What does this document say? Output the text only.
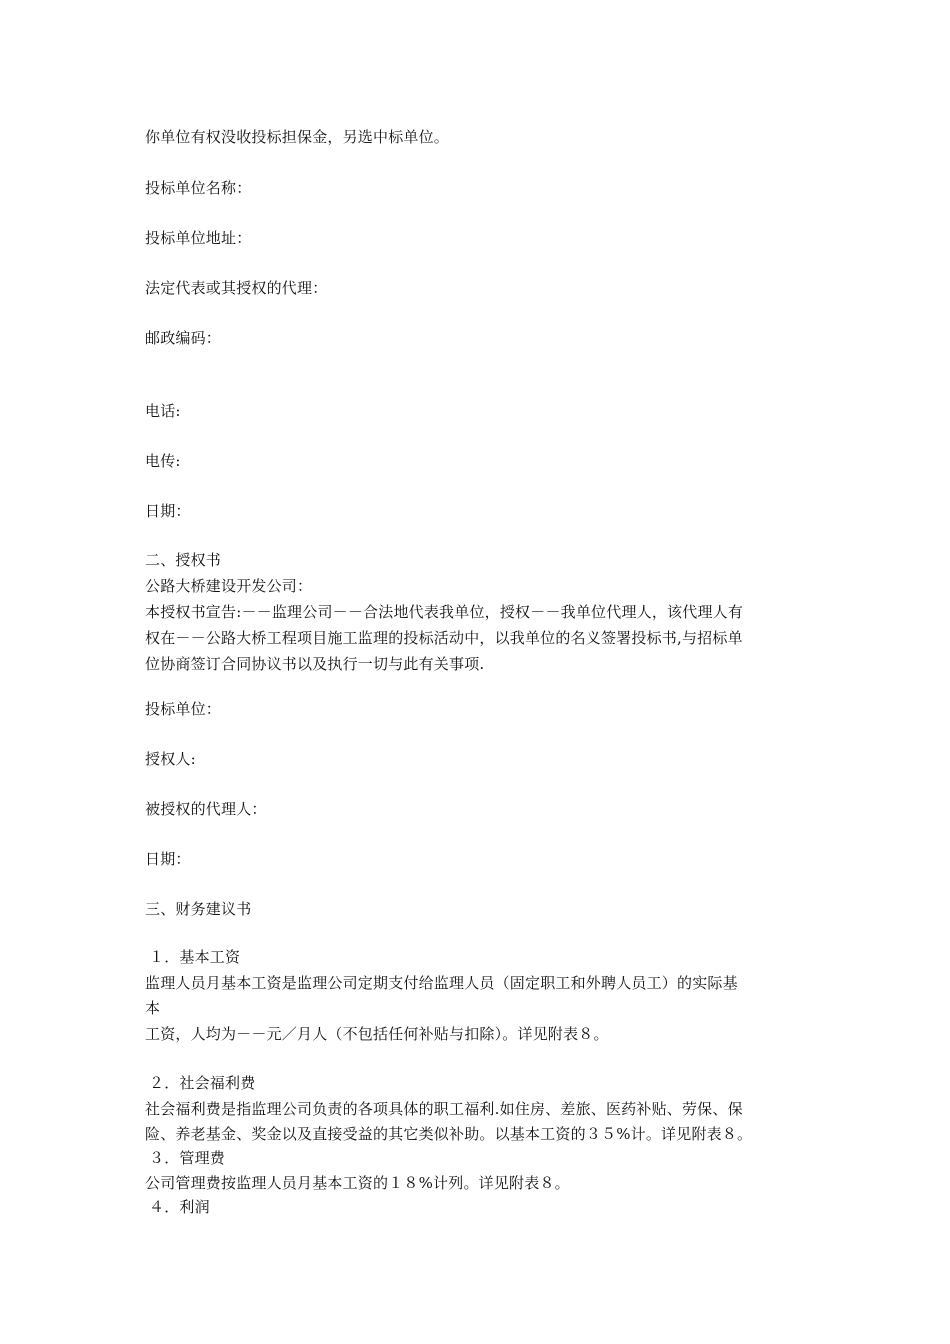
你单位有权没收投标担保金，另选中标单位。
投标单位名称：
投标单位地址：
法定代表或其授权的代理：
邮政编码：
电话:
电传:
日期：
二、授权书
公路大桥建设开发公司：
本授权书宣告:－－监理公司－－合法地代表我单位，授权－－我单位代理人，该代理人有
权在－－公路大桥工程项目施工监理的投标活动中，以我单位的名义签署投标书,与招标单
位协商签订合同协议书以及执行一切与此有关事项.
投标单位：
授权人:
被授权的代理人：
日期：
三、财务建议书
１．基本工资
监理人员月基本工资是监理公司定期支付给监理人员（固定职工和外聘人员工）的实际基
本
工资，人均为－－元／月人（不包括任何补贴与扣除）。详见附表８。
２．社会福利费
社会福利费是指监理公司负责的各项具体的职工福利.如住房、差旅、医药补贴、劳保、保
险、养老基金、奖金以及直接受益的其它类似补助。以基本工资的３５%计。详见附表８。
３．管理费
公司管理费按监理人员月基本工资的１８%计列。详见附表８。
４．利润
